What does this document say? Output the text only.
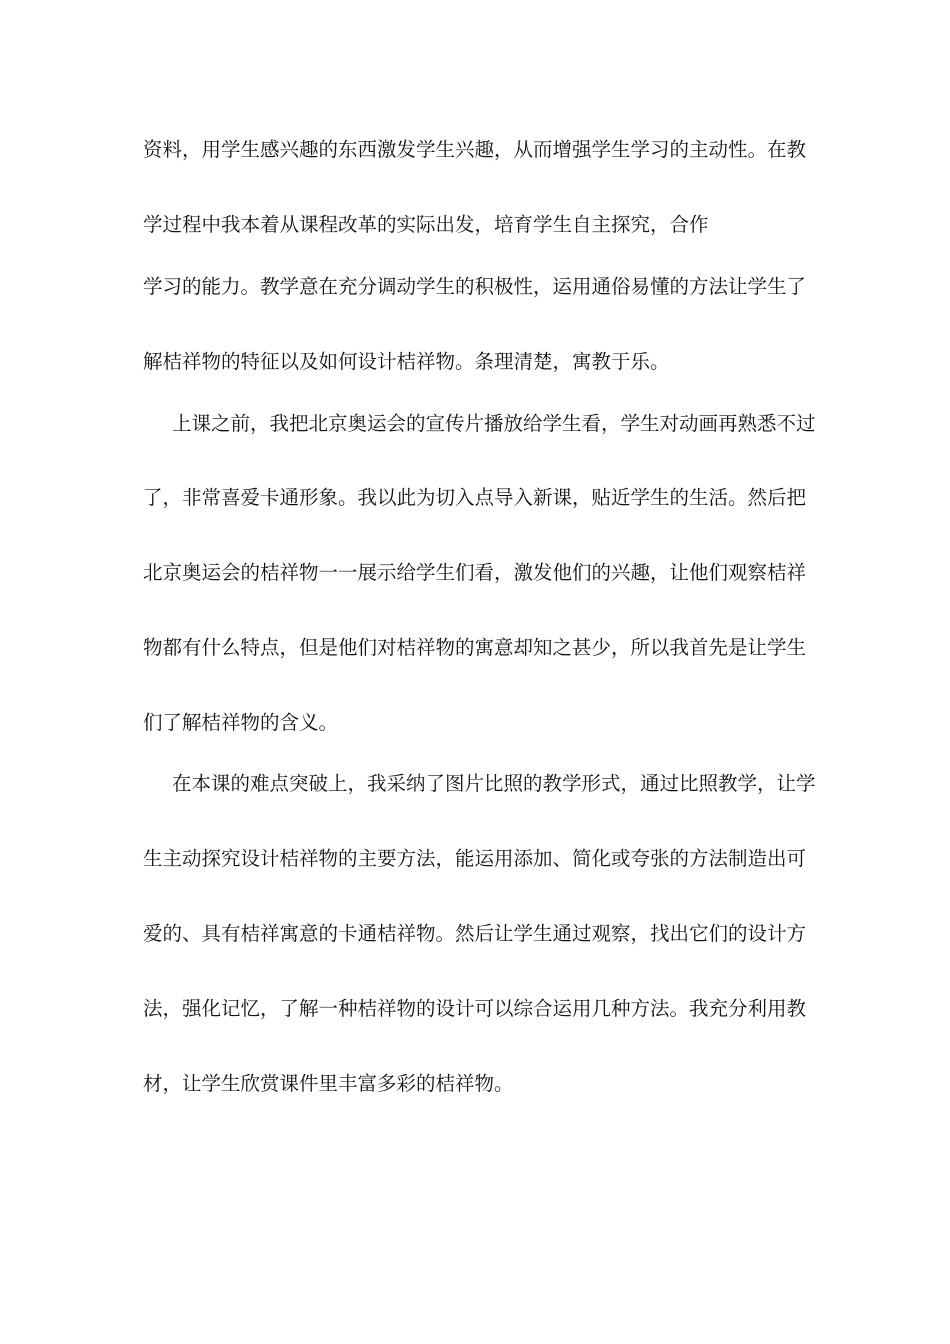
资料，用学生感兴趣的东西激发学生兴趣，从而增强学生学习的主动性。在教
学过程中我本着从课程改革的实际出发，培育学生自主探究，合作
学习的能力。教学意在充分调动学生的积极性，运用通俗易懂的方法让学生了
解桔祥物的特征以及如何设计桔祥物。条理清楚，寓教于乐。
上课之前，我把北京奥运会的宣传片播放给学生看，学生对动画再熟悉不过
了，非常喜爱卡通形象。我以此为切入点导入新课，贴近学生的生活。然后把
北京奥运会的桔祥物一一展示给学生们看，激发他们的兴趣，让他们观察桔祥
物都有什么特点，但是他们对桔祥物的寓意却知之甚少，所以我首先是让学生
们了解桔祥物的含义。
在本课的难点突破上，我采纳了图片比照的教学形式，通过比照教学，让学
生主动探究设计桔祥物的主要方法，能运用添加、简化或夸张的方法制造出可
爱的、具有桔祥寓意的卡通桔祥物。然后让学生通过观察，找出它们的设计方
法，强化记忆，了解一种桔祥物的设计可以综合运用几种方法。我充分利用教
材，让学生欣赏课件里丰富多彩的桔祥物。
